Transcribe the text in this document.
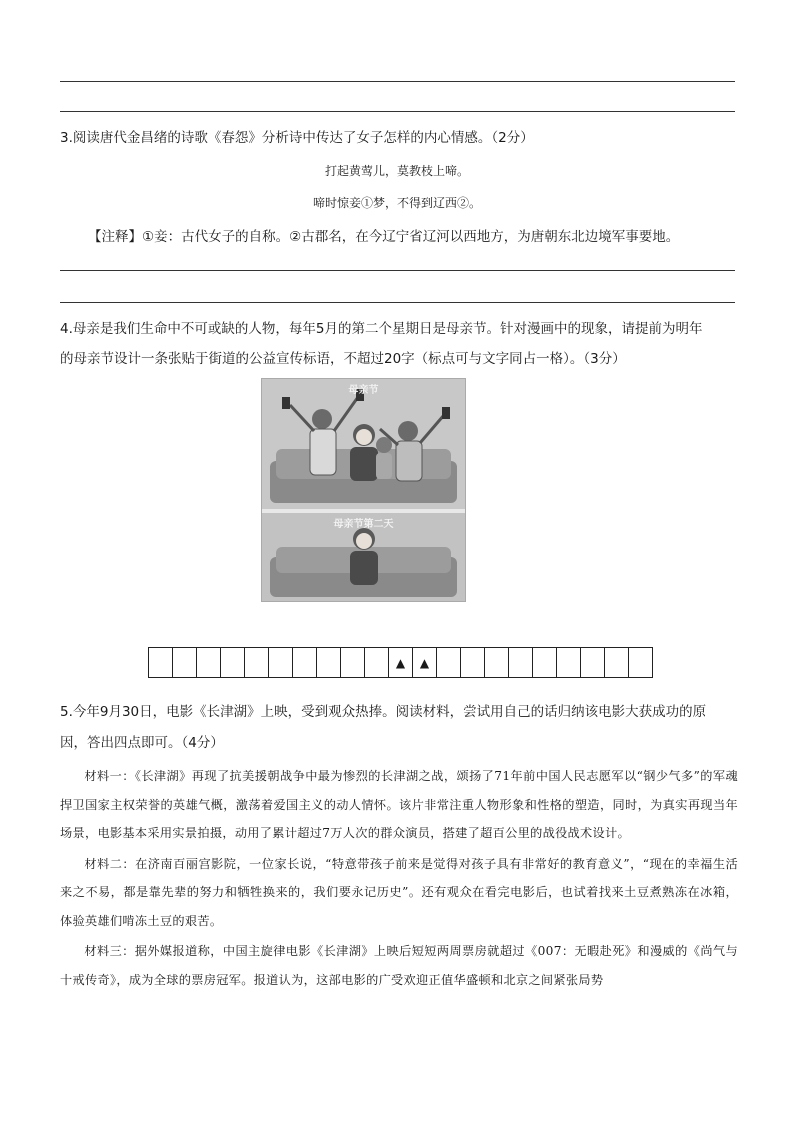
3.阅读唐代金昌绪的诗歌《春怨》分析诗中传达了女子怎样的内心情感。（2分）
打起黄莺儿，莫教枝上啼。
啼时惊妾①梦，不得到辽西②。
【注释】①妾：古代女子的自称。②古郡名，在今辽宁省辽河以西地方，为唐朝东北边境军事要地。
4.母亲是我们生命中不可或缺的人物，每年5月的第二个星期日是母亲节。针对漫画中的现象，请提前为明年
的母亲节设计一条张贴于街道的公益宣传标语，不超过20字（标点可与文字同占一格）。（3分）
母亲节
母亲节第二天
▲	▲
5.今年9月30日，电影《长津湖》上映，受到观众热捧。阅读材料，尝试用自己的话归纳该电影大获成功的原
因，答出四点即可。（4分）

材料一：《长津湖》再现了抗美援朝战争中最为惨烈的长津湖之战，颂扬了71年前中国人民志愿军以“钢少气多”的军魂捍卫国家主权荣誉的英雄气概，激荡着爱国主义的动人情怀。该片非常注重人物形象和性格的塑造，同时，为真实再现当年场景，电影基本采用实景拍摄，动用了累计超过7万人次的群众演员，搭建了超百公里的战役战术设计。

材料二：在济南百丽宫影院，一位家长说，“特意带孩子前来是觉得对孩子具有非常好的教育意义”，“现在的幸福生活来之不易，都是靠先辈的努力和牺牲换来的，我们要永记历史”。还有观众在看完电影后，也试着找来土豆煮熟冻在冰箱，体验英雄们啃冻土豆的艰苦。

材料三：据外媒报道称，中国主旋律电影《长津湖》上映后短短两周票房就超过《007：无暇赴死》和漫威的《尚气与十戒传奇》，成为全球的票房冠军。报道认为，这部电影的广受欢迎正值华盛顿和北京之间紧张局势
